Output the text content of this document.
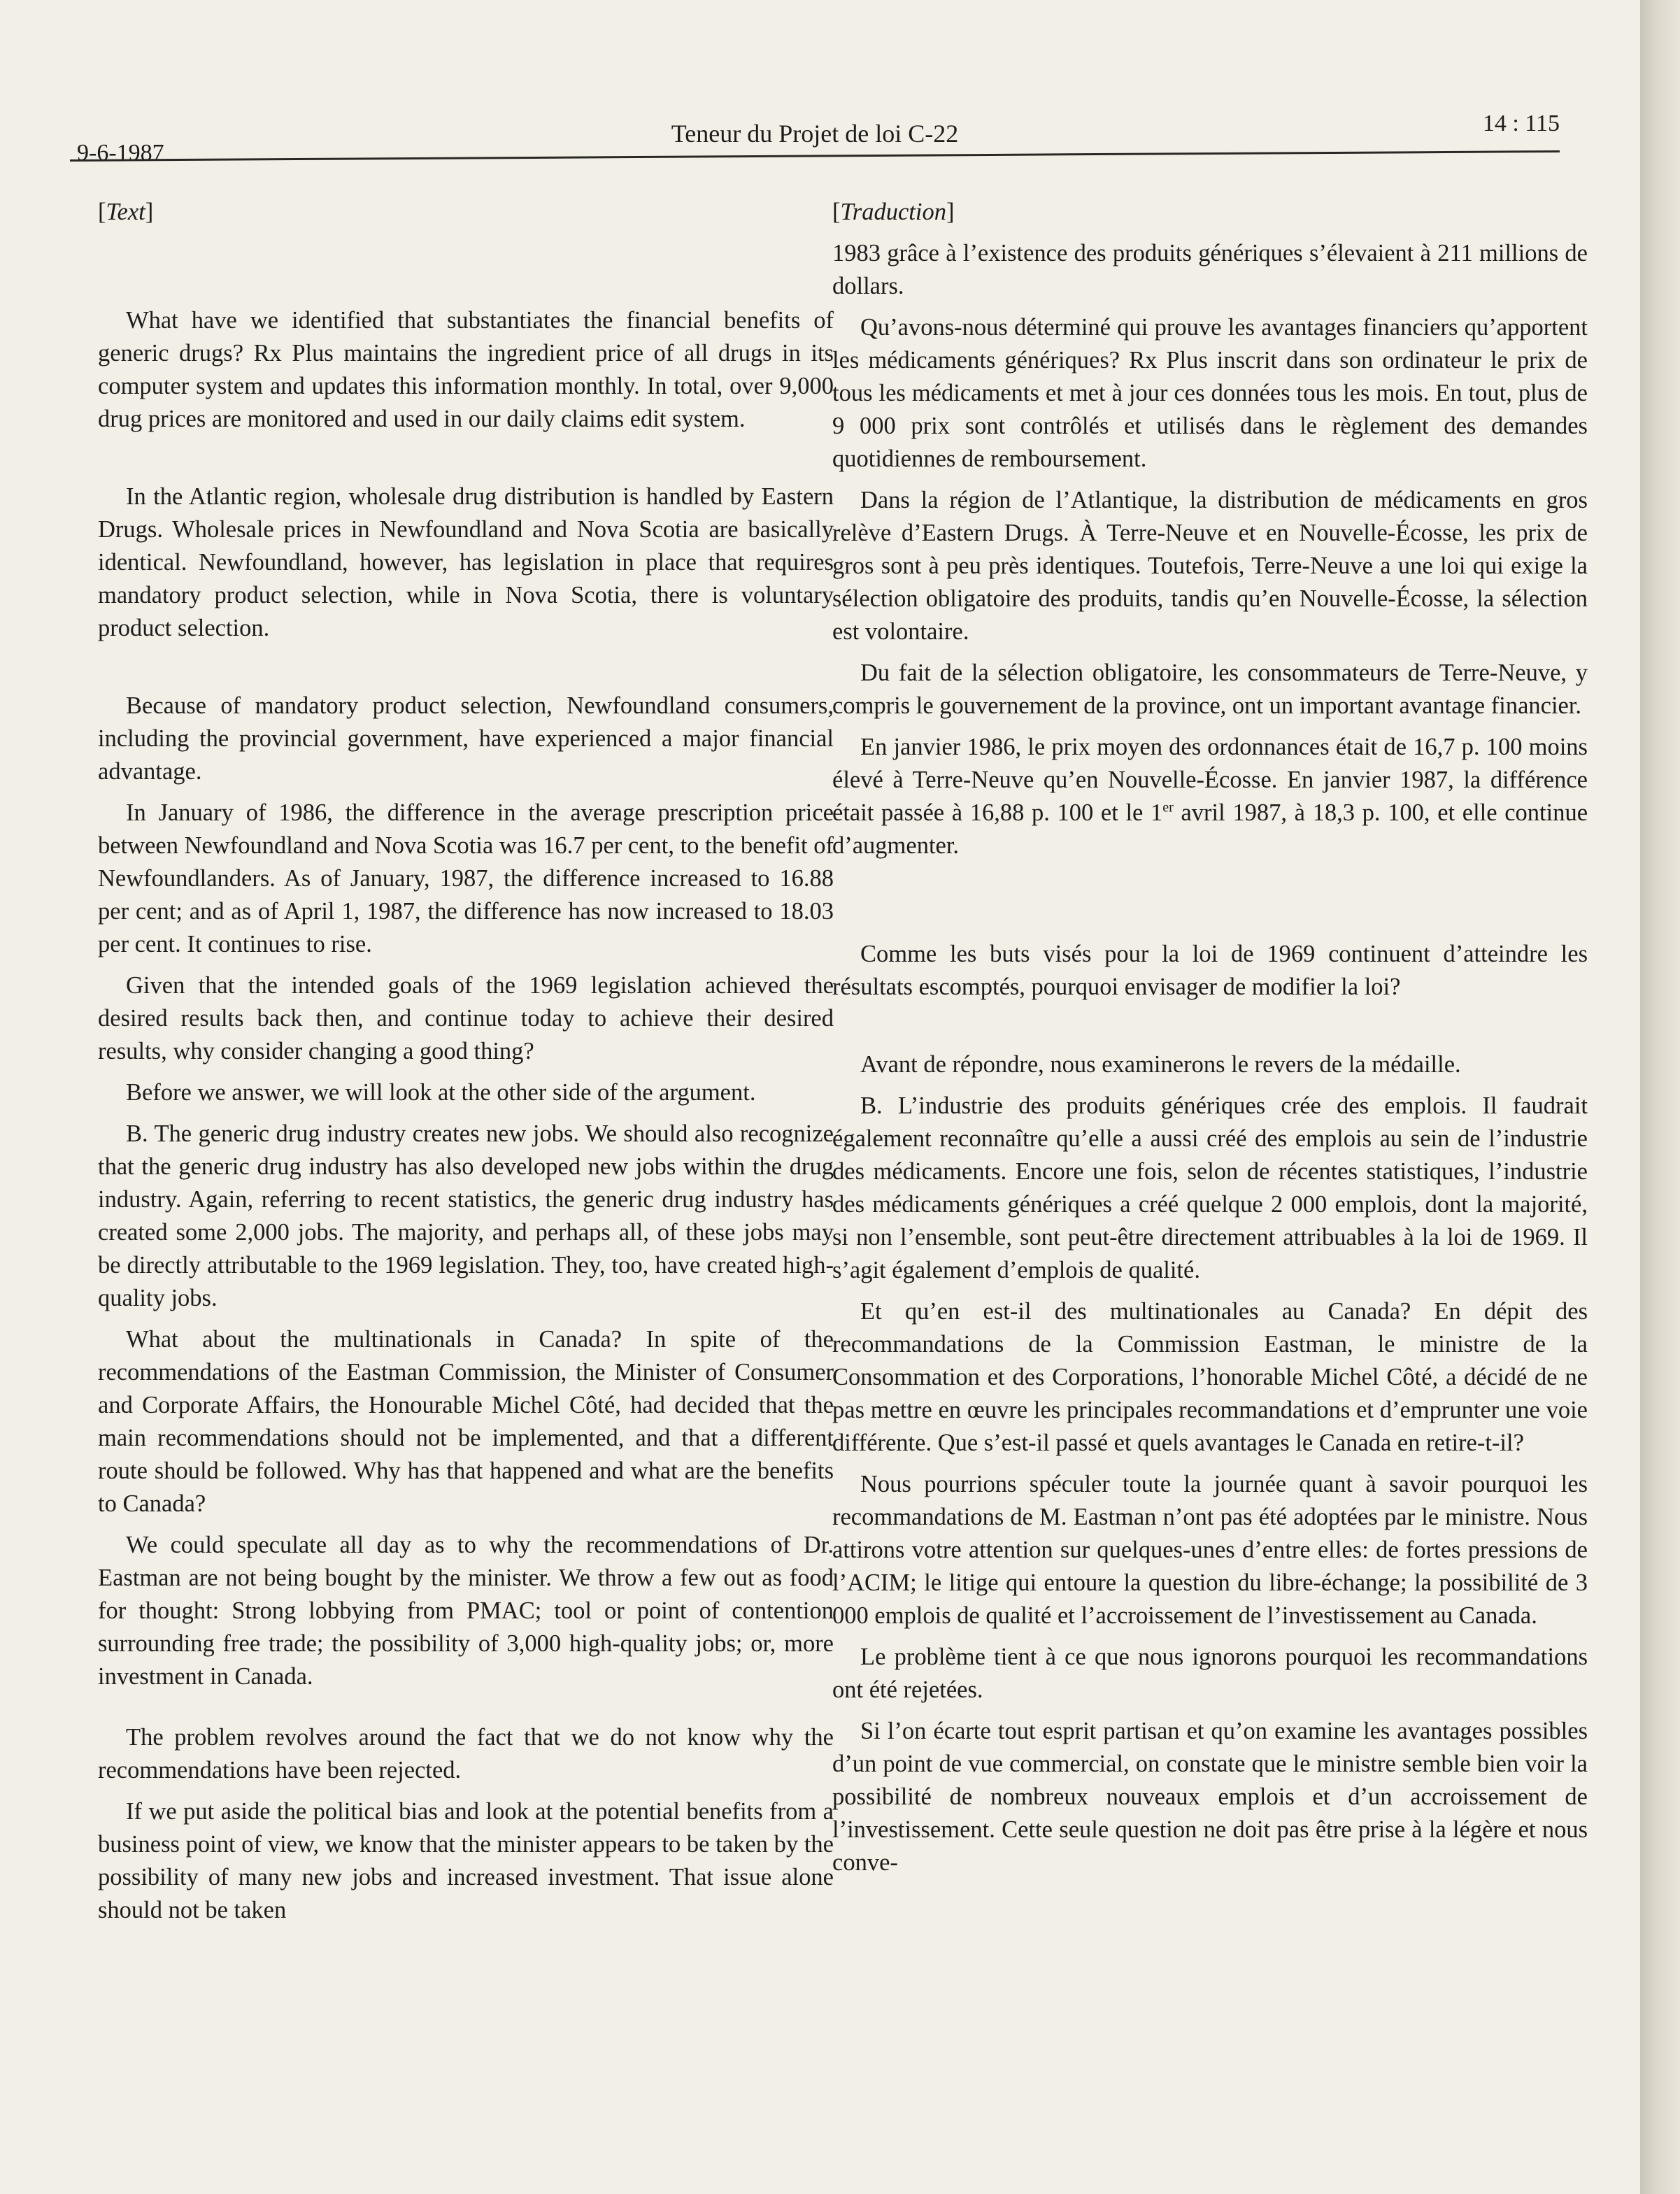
9-6-1987
Teneur du Projet de loi C-22	14 : 115

[ Text ]

What have we identified that substantiates the financial benefits of generic drugs? Rx Plus maintains the ingredient price of all drugs in its computer system and updates this information monthly. In total, over 9,000 drug prices are monitored and used in our daily claims edit system.

In the Atlantic region, wholesale drug distribution is handled by Eastern Drugs. Wholesale prices in Newfoundland and Nova Scotia are basically identical. Newfoundland, however, has legislation in place that requires mandatory product selection, while in Nova Scotia, there is voluntary product selection.

Because of mandatory product selection, Newfoundland consumers, including the provincial government, have experienced a major financial advantage.

In January of 1986, the difference in the average prescription price between Newfoundland and Nova Scotia was 16.7 per cent, to the benefit of Newfoundlanders. As of January, 1987, the difference increased to 16.88 per cent; and as of April 1, 1987, the difference has now increased to 18.03 per cent. It continues to rise.

Given that the intended goals of the 1969 legislation achieved the desired results back then, and continue today to achieve their desired results, why consider changing a good thing?

Before we answer, we will look at the other side of the argument.

B. The generic drug industry creates new jobs. We should also recognize that the generic drug industry has also developed new jobs within the drug industry. Again, referring to recent statistics, the generic drug industry has created some 2,000 jobs. The majority, and perhaps all, of these jobs may be directly attributable to the 1969 legislation. They, too, have created high-quality jobs.

What about the multinationals in Canada? In spite of the recommendations of the Eastman Commission, the Minister of Consumer and Corporate Affairs, the Honourable Michel Côté, had decided that the main recommendations should not be implemented, and that a different route should be followed. Why has that happened and what are the benefits to Canada?

We could speculate all day as to why the recommendations of Dr. Eastman are not being bought by the minister. We throw a few out as food for thought: Strong lobbying from PMAC; tool or point of contention surrounding free trade; the possibility of 3,000 high-quality jobs; or, more investment in Canada.

The problem revolves around the fact that we do not know why the recommendations have been rejected.

If we put aside the political bias and look at the potential benefits from a business point of view, we know that the minister appears to be taken by the possibility of many new jobs and increased investment. That issue alone should not be taken

[ Traduction ]

1983 grâce à l’existence des produits génériques s’élevaient à 211 millions de dollars.

Qu’avons-nous déterminé qui prouve les avantages financiers qu’apportent les médicaments génériques? Rx Plus inscrit dans son ordinateur le prix de tous les médicaments et met à jour ces données tous les mois. En tout, plus de 9 000 prix sont contrôlés et utilisés dans le règlement des demandes quotidiennes de remboursement.

Dans la région de l’Atlantique, la distribution de médicaments en gros relève d’Eastern Drugs. À Terre-Neuve et en Nouvelle-Écosse, les prix de gros sont à peu près identiques. Toutefois, Terre-Neuve a une loi qui exige la sélection obligatoire des produits, tandis qu’en Nouvelle-Écosse, la sélection est volontaire.

Du fait de la sélection obligatoire, les consommateurs de Terre-Neuve, y compris le gouvernement de la province, ont un important avantage financier.

En janvier 1986, le prix moyen des ordonnances était de 16,7 p. 100 moins élevé à Terre-Neuve qu’en Nouvelle-Écosse. En janvier 1987, la différence était passée à 16,88 p. 100 et le 1er avril 1987, à 18,3 p. 100, et elle continue d’augmenter.

Comme les buts visés pour la loi de 1969 continuent d’atteindre les résultats escomptés, pourquoi envisager de modifier la loi?

Avant de répondre, nous examinerons le revers de la médaille.

B. L’industrie des produits génériques crée des emplois. Il faudrait également reconnaître qu’elle a aussi créé des emplois au sein de l’industrie des médicaments. Encore une fois, selon de récentes statistiques, l’industrie des médicaments génériques a créé quelque 2 000 emplois, dont la majorité, si non l’ensemble, sont peut-être directement attribuables à la loi de 1969. Il s’agit également d’emplois de qualité.

Et qu’en est-il des multinationales au Canada? En dépit des recommandations de la Commission Eastman, le ministre de la Consommation et des Corporations, l’honorable Michel Côté, a décidé de ne pas mettre en œuvre les principales recommandations et d’emprunter une voie différente. Que s’est-il passé et quels avantages le Canada en retire-t-il?

Nous pourrions spéculer toute la journée quant à savoir pourquoi les recommandations de M. Eastman n’ont pas été adoptées par le ministre. Nous attirons votre attention sur quelques-unes d’entre elles: de fortes pressions de l’ACIM; le litige qui entoure la question du libre-échange; la possibilité de 3 000 emplois de qualité et l’accroissement de l’investissement au Canada.

Le problème tient à ce que nous ignorons pourquoi les recommandations ont été rejetées.

Si l’on écarte tout esprit partisan et qu’on examine les avantages possibles d’un point de vue commercial, on constate que le ministre semble bien voir la possibilité de nombreux nouveaux emplois et d’un accroissement de l’investissement. Cette seule question ne doit pas être prise à la légère et nous conve-
